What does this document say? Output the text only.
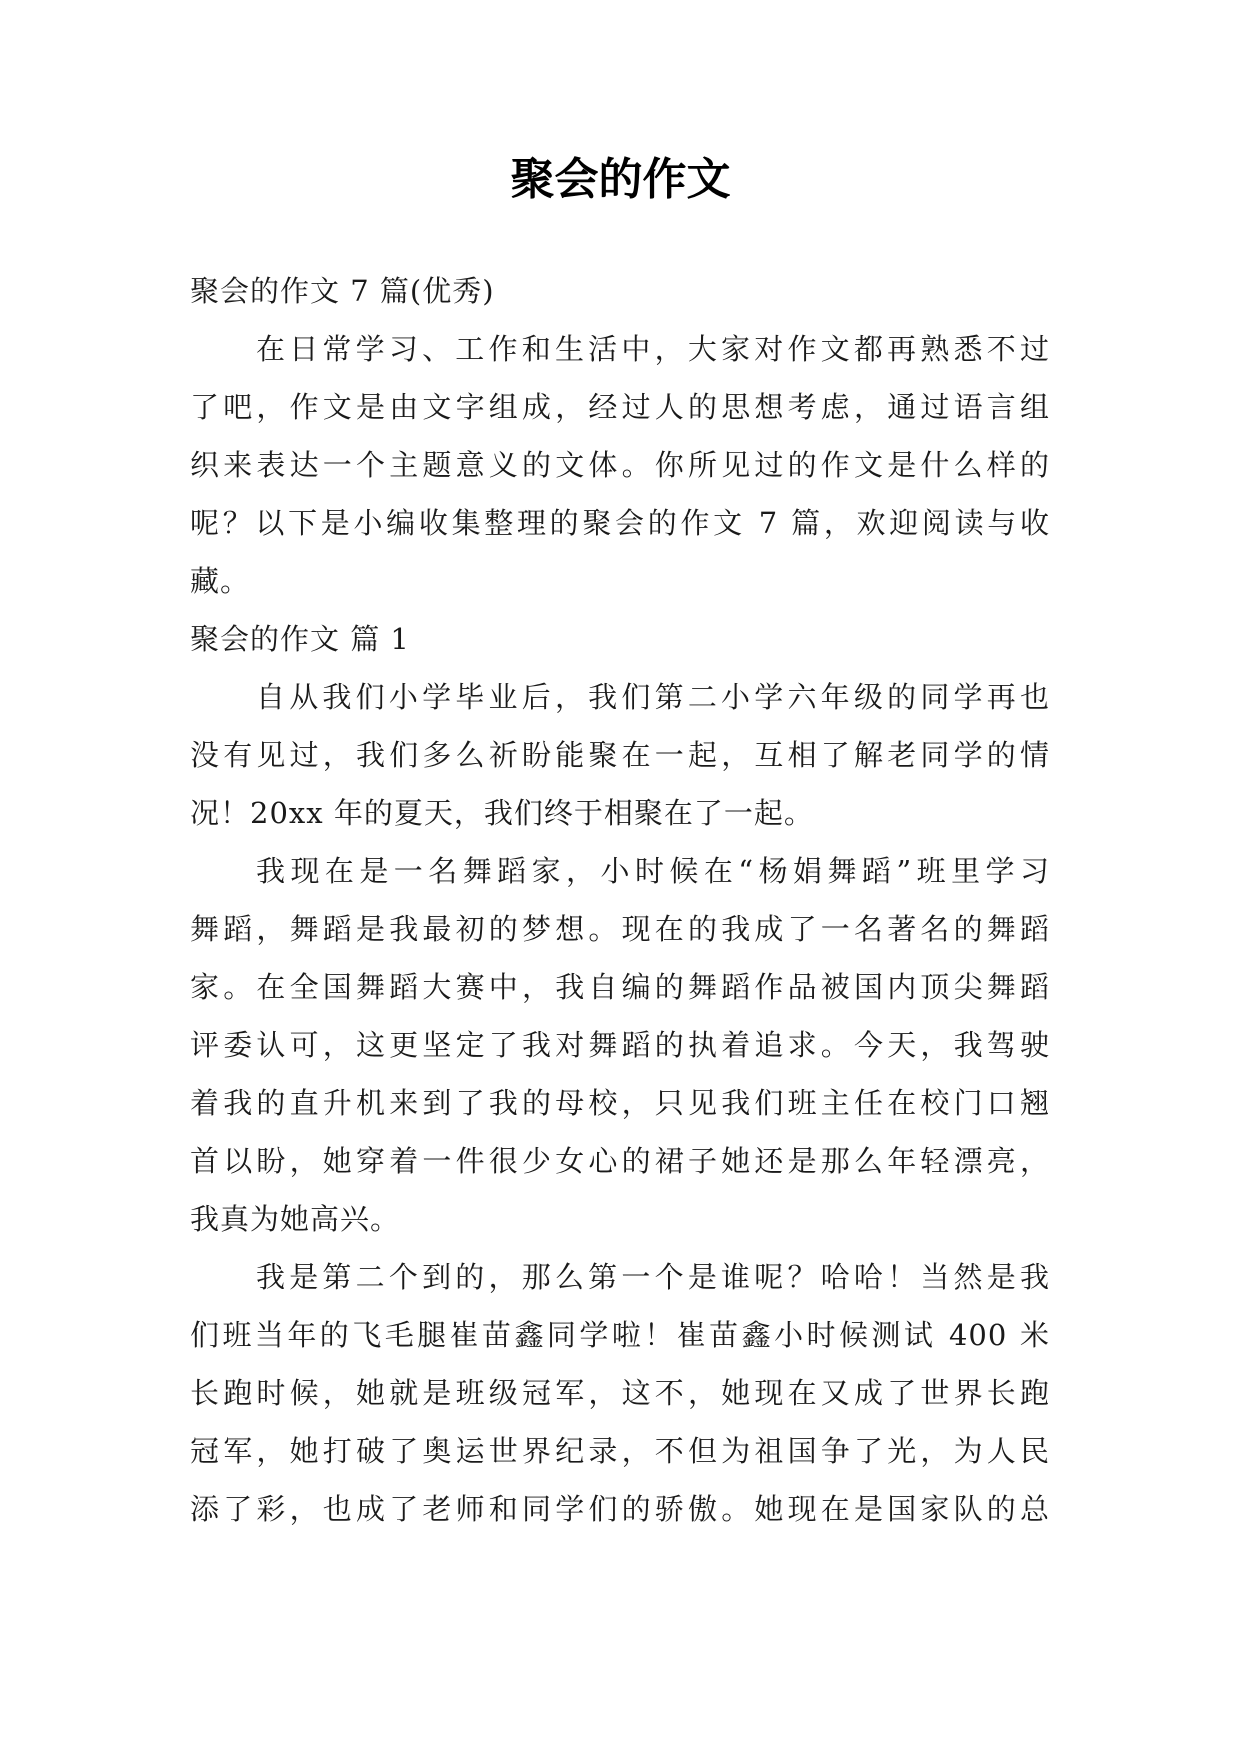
聚会的作文
聚会的作文 7 篇(优秀)
在日常学习、工作和生活中，大家对作文都再熟悉不过
了吧，作文是由文字组成，经过人的思想考虑，通过语言组
织来表达一个主题意义的文体。你所见过的作文是什么样的
呢？以下是小编收集整理的聚会的作文 7 篇，欢迎阅读与收
藏。
聚会的作文 篇 1
自从我们小学毕业后，我们第二小学六年级的同学再也
没有见过，我们多么祈盼能聚在一起，互相了解老同学的情
况！20xx 年的夏天，我们终于相聚在了一起。
我现在是一名舞蹈家，小时候在“杨娟舞蹈”班里学习
舞蹈，舞蹈是我最初的梦想。现在的我成了一名著名的舞蹈
家。在全国舞蹈大赛中，我自编的舞蹈作品被国内顶尖舞蹈
评委认可，这更坚定了我对舞蹈的执着追求。今天，我驾驶
着我的直升机来到了我的母校，只见我们班主任在校门口翘
首以盼，她穿着一件很少女心的裙子她还是那么年轻漂亮，
我真为她高兴。
我是第二个到的，那么第一个是谁呢？哈哈！当然是我
们班当年的飞毛腿崔苗鑫同学啦！崔苗鑫小时候测试 400 米
长跑时候，她就是班级冠军，这不，她现在又成了世界长跑
冠军，她打破了奥运世界纪录，不但为祖国争了光，为人民
添了彩，也成了老师和同学们的骄傲。她现在是国家队的总
